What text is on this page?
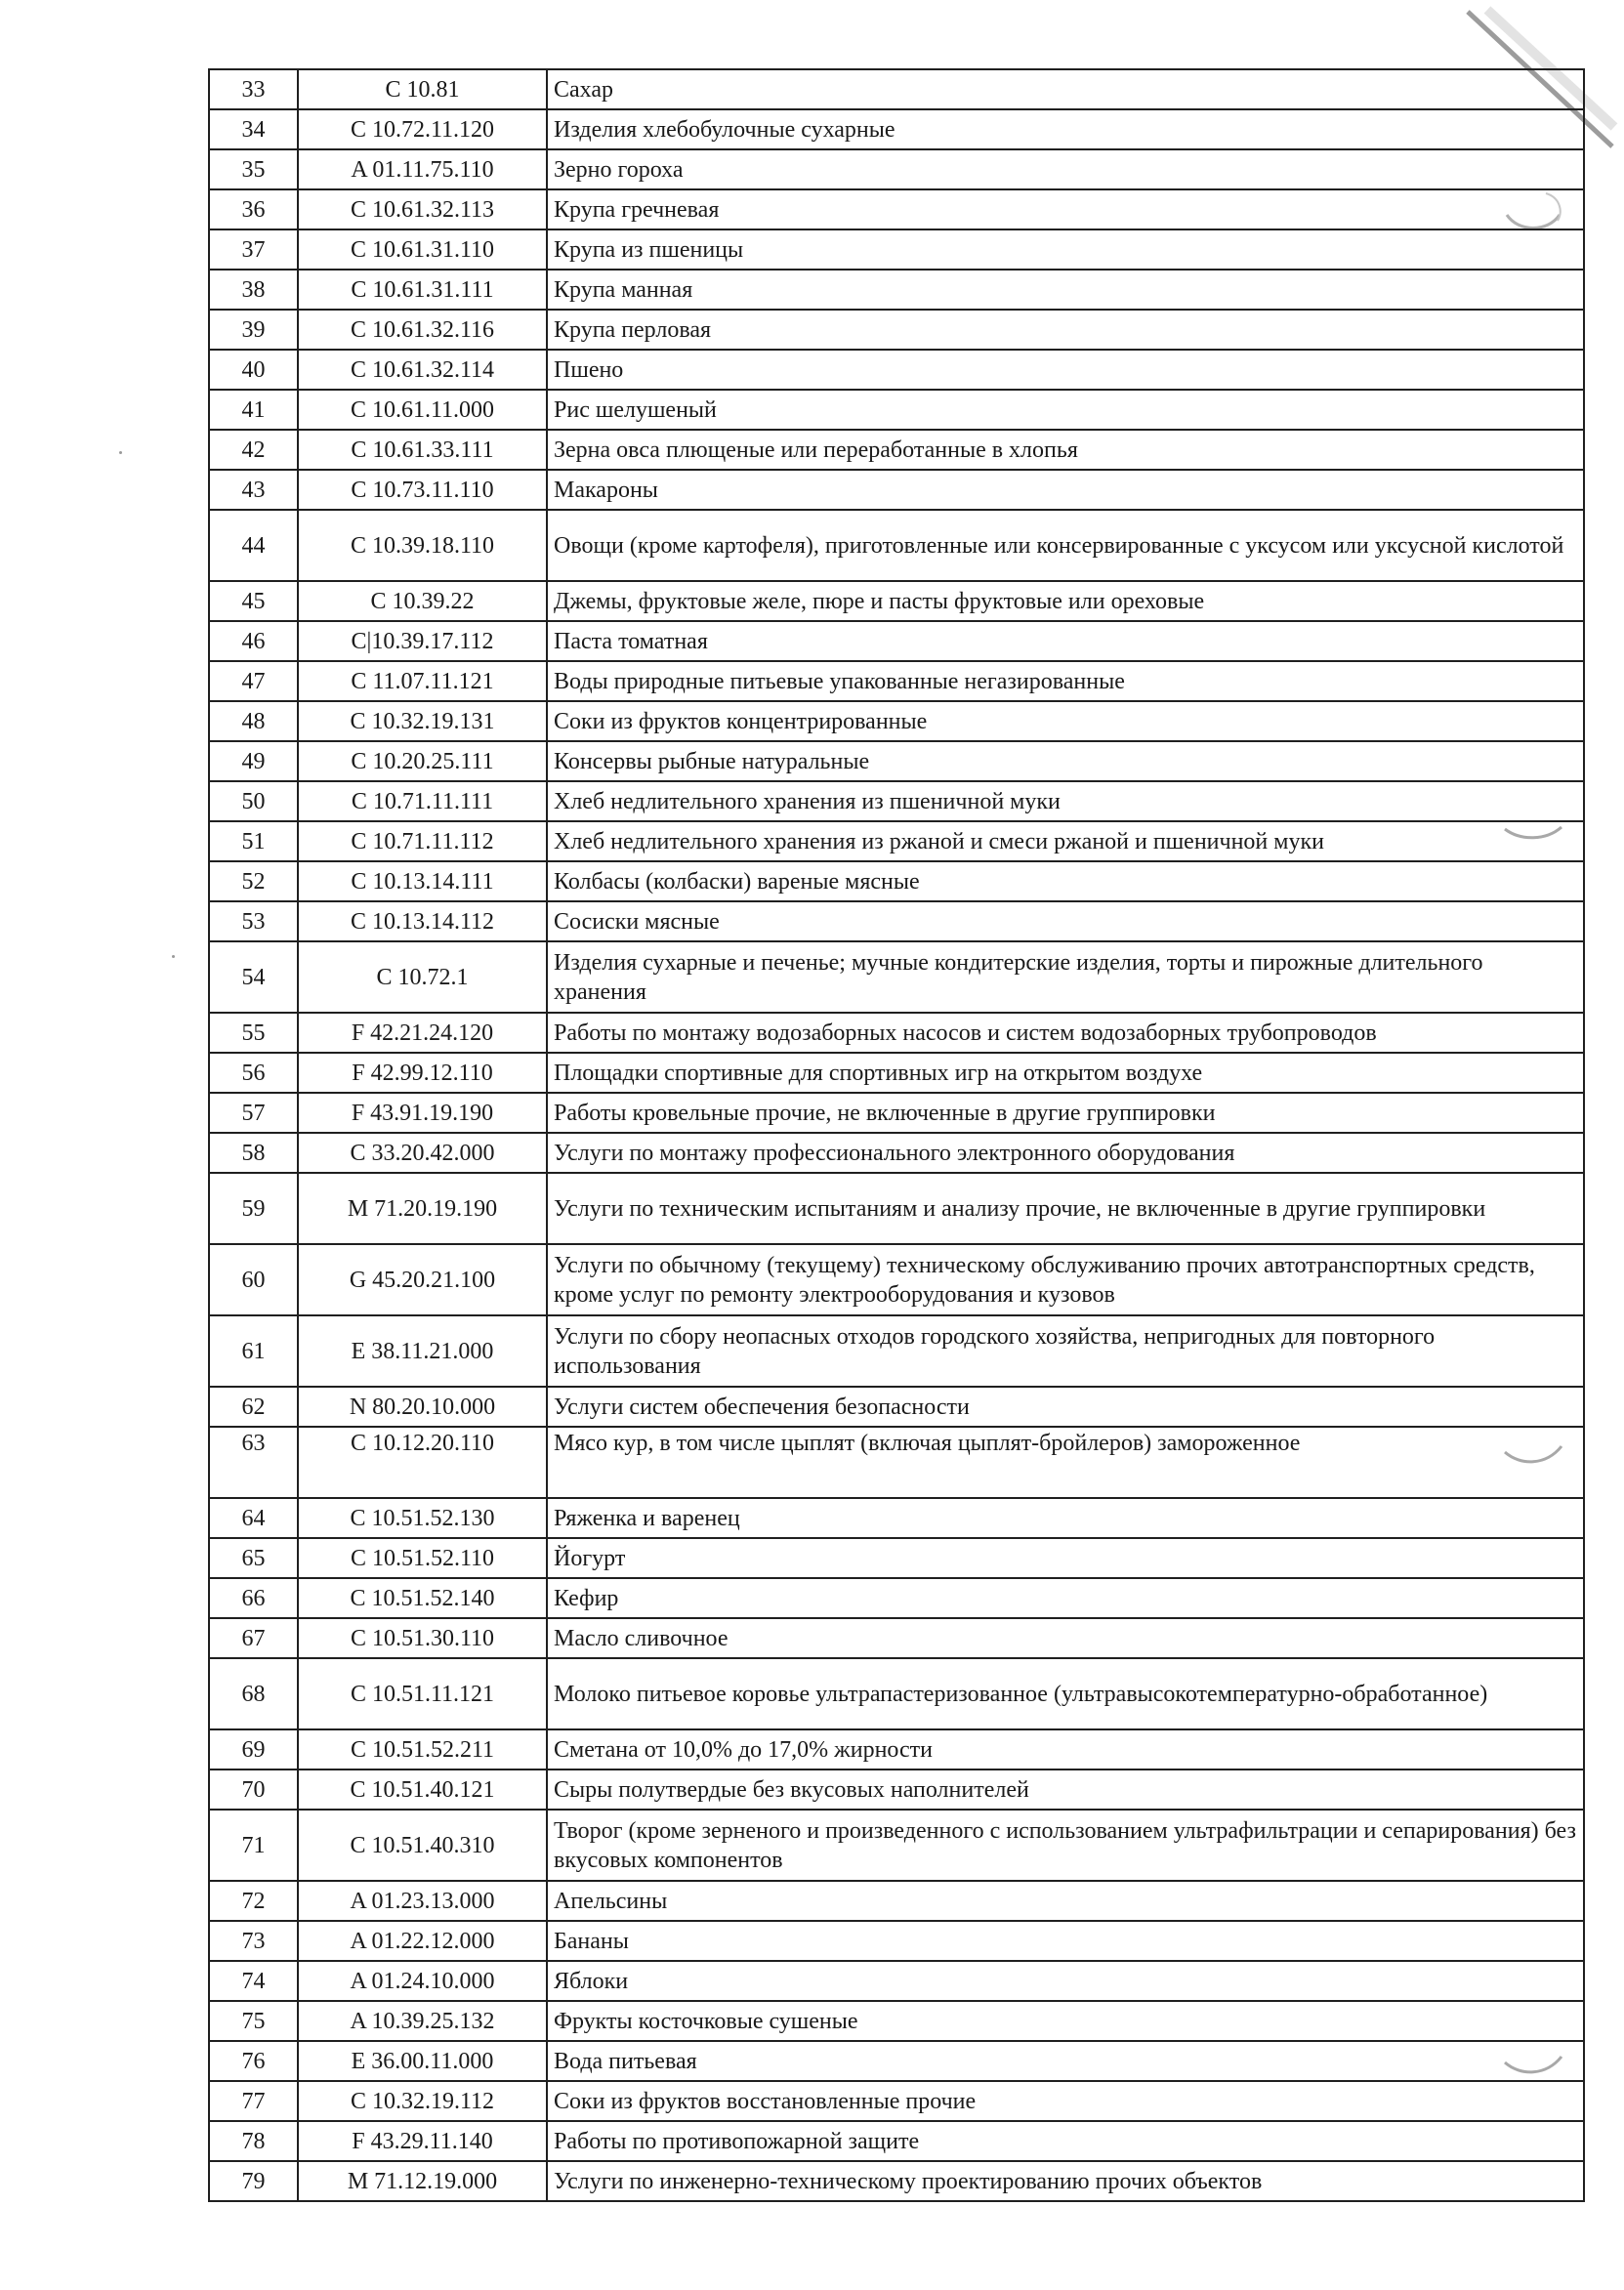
33	C 10.81	Сахар
34	C 10.72.11.120	Изделия хлебобулочные сухарные
35	A 01.11.75.110	Зерно гороха
36	C 10.61.32.113	Крупа гречневая
37	C 10.61.31.110	Крупа из пшеницы
38	C 10.61.31.111	Крупа манная
39	C 10.61.32.116	Крупа перловая
40	C 10.61.32.114	Пшено
41	C 10.61.11.000	Рис шелушеный
42	C 10.61.33.111	Зерна овса плющеные или переработанные в хлопья
43	C 10.73.11.110	Макароны
44	C 10.39.18.110	Овощи (кроме картофеля), приготовленные или консервированные с уксусом или уксусной кислотой
45	C 10.39.22	Джемы, фруктовые желе, пюре и пасты фруктовые или ореховые
46	C|10.39.17.112	Паста томатная
47	C 11.07.11.121	Воды природные питьевые упакованные негазированные
48	C 10.32.19.131	Соки из фруктов концентрированные
49	C 10.20.25.111	Консервы рыбные натуральные
50	C 10.71.11.111	Хлеб недлительного хранения из пшеничной муки
51	C 10.71.11.112	Хлеб недлительного хранения из ржаной и смеси ржаной и пшеничной муки
52	C 10.13.14.111	Колбасы (колбаски) вареные мясные
53	C 10.13.14.112	Сосиски мясные
54	C 10.72.1	Изделия сухарные и печенье; мучные кондитерские изделия, торты и пирожные длительного хранения
55	F 42.21.24.120	Работы по монтажу водозаборных насосов и систем водозаборных трубопроводов
56	F 42.99.12.110	Площадки спортивные для спортивных игр на открытом воздухе
57	F 43.91.19.190	Работы кровельные прочие, не включенные в другие группировки
58	C 33.20.42.000	Услуги по монтажу профессионального электронного оборудования
59	M 71.20.19.190	Услуги по техническим испытаниям и анализу прочие, не включенные в другие группировки
60	G 45.20.21.100	Услуги по обычному (текущему) техническому обслуживанию прочих автотранспортных средств, кроме услуг по ремонту электрооборудования и кузовов
61	E 38.11.21.000	Услуги по сбору неопасных отходов городского хозяйства, непригодных для повторного использования
62	N 80.20.10.000	Услуги систем обеспечения безопасности
63	C 10.12.20.110	Мясо кур, в том числе цыплят (включая цыплят-бройлеров) замороженное
64	C 10.51.52.130	Ряженка и варенец
65	C 10.51.52.110	Йогурт
66	C 10.51.52.140	Кефир
67	C 10.51.30.110	Масло сливочное
68	C 10.51.11.121	Молоко питьевое коровье ультрапастеризованное (ультравысокотемпературно-обработанное)
69	C 10.51.52.211	Сметана от 10,0% до 17,0% жирности
70	C 10.51.40.121	Сыры полутвердые без вкусовых наполнителей
71	C 10.51.40.310	Творог (кроме зерненого и произведенного с использованием ультрафильтрации и сепарирования) без вкусовых компонентов
72	A 01.23.13.000	Апельсины
73	A 01.22.12.000	Бананы
74	A 01.24.10.000	Яблоки
75	A 10.39.25.132	Фрукты косточковые сушеные
76	E 36.00.11.000	Вода питьевая
77	C 10.32.19.112	Соки из фруктов восстановленные прочие
78	F 43.29.11.140	Работы по противопожарной защите
79	M 71.12.19.000	Услуги по инженерно-техническому проектированию прочих объектов
